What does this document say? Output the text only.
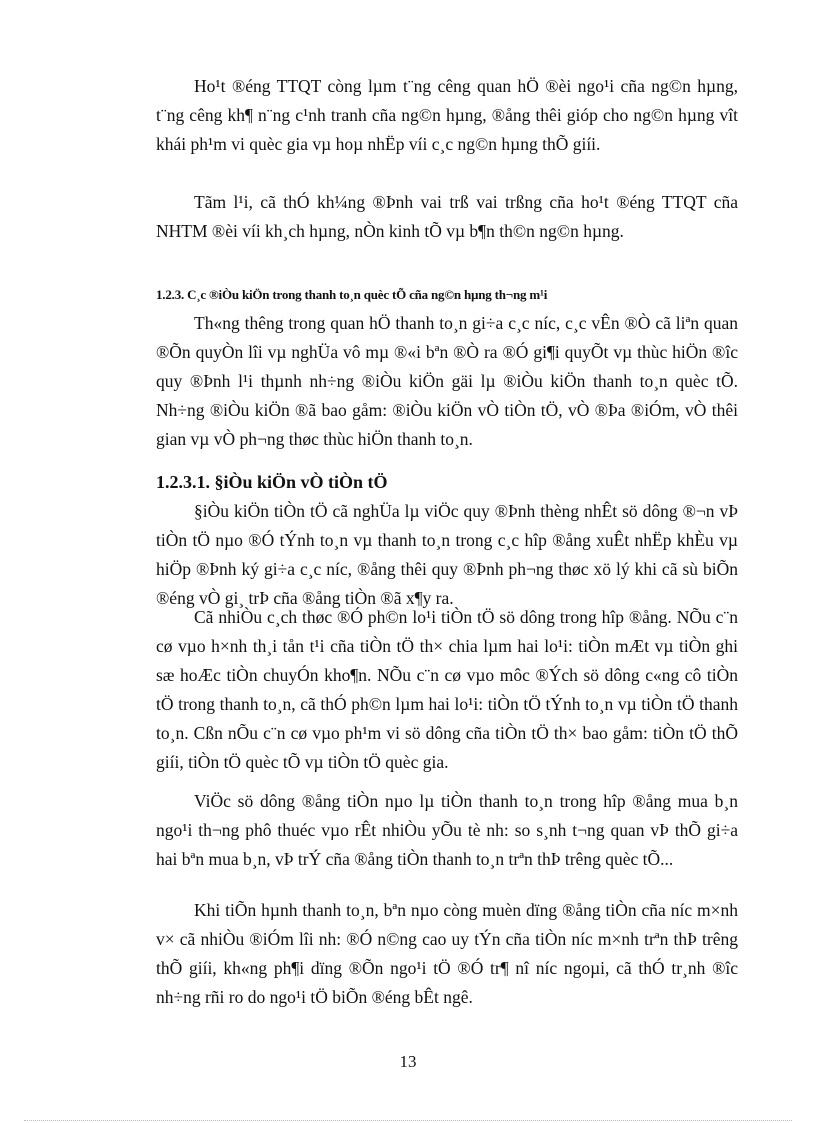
Ho¹t ®éng TTQT còng lµm t¨ng cêng quan hÖ ®èi ngo¹i cña ng©n hµng, t¨ng cêng kh¶ n¨ng c¹nh tranh cña ng©n hµng, ®ång thêi gióp cho ng©n hµng vît khái ph¹m vi quèc gia vµ hoµ nhËp víi c¸c ng©n hµng thÕ giíi.

Tãm l¹i, cã thÓ kh¼ng ®Þnh vai trß vai trßng cña ho¹t ®éng TTQT cña NHTM ®èi víi kh¸ch hµng, nÒn kinh tÕ vµ b¶n th©n ng©n hµng.

1.2.3. C¸c ®iÒu kiÖn trong thanh to¸n quèc tÕ cña ng©n hµng th¬ng m¹i

Th«ng thêng trong quan hÖ thanh to¸n gi÷a c¸c níc, c¸c vÊn ®Ò cã liªn quan ®Õn quyÒn lîi vµ nghÜa vô mµ ®«i bªn ®Ò ra ®Ó gi¶i quyÕt vµ thùc hiÖn ®îc quy ®Þnh l¹i thµnh nh÷ng ®iÒu kiÖn gäi lµ ®iÒu kiÖn thanh to¸n quèc tÕ. Nh÷ng ®iÒu kiÖn ®ã bao gåm: ®iÒu kiÖn vÒ tiÒn tÖ, vÒ ®Þa ®iÓm, vÒ thêi gian vµ vÒ ph¬ng thøc thùc hiÖn thanh to¸n.

1.2.3.1. §iÒu kiÖn vÒ tiÒn tÖ

§iÒu kiÖn tiÒn tÖ cã nghÜa lµ viÖc quy ®Þnh thèng nhÊt sö dông ®¬n vÞ tiÒn tÖ nµo ®Ó tÝnh to¸n vµ thanh to¸n trong c¸c hîp ®ång xuÊt nhËp khÈu vµ hiÖp ®Þnh ký gi÷a c¸c níc, ®ång thêi quy ®Þnh ph¬ng thøc xö lý khi cã sù biÕn ®éng vÒ gi¸ trÞ cña ®ång tiÒn ®ã x¶y ra.

Cã nhiÒu c¸ch thøc ®Ó ph©n lo¹i tiÒn tÖ sö dông trong hîp ®ång. NÕu c¨n cø vµo h×nh th¸i tån t¹i cña tiÒn tÖ th× chia lµm hai lo¹i: tiÒn mÆt vµ tiÒn ghi sæ hoÆc tiÒn chuyÓn kho¶n. NÕu c¨n cø vµo môc ®Ých sö dông c«ng cô tiÒn tÖ trong thanh to¸n, cã thÓ ph©n lµm hai lo¹i: tiÒn tÖ tÝnh to¸n vµ tiÒn tÖ thanh to¸n. Cßn nÕu c¨n cø vµo ph¹m vi sö dông cña tiÒn tÖ th× bao gåm: tiÒn tÖ thÕ giíi, tiÒn tÖ quèc tÕ vµ tiÒn tÖ quèc gia.

ViÖc sö dông ®ång tiÒn nµo lµ tiÒn thanh to¸n trong hîp ®ång mua b¸n ngo¹i th¬ng phô thuéc vµo rÊt nhiÒu yÕu tè nh: so s¸nh t¬ng quan vÞ thÕ gi÷a hai bªn mua b¸n, vÞ trÝ cña ®ång tiÒn thanh to¸n trªn thÞ trêng quèc tÕ...

Khi tiÕn hµnh thanh to¸n, bªn nµo còng muèn dïng ®ång tiÒn cña níc m×nh v× cã nhiÒu ®iÓm lîi nh: ®Ó n©ng cao uy tÝn cña tiÒn níc m×nh trªn thÞ trêng thÕ giíi, kh«ng ph¶i dïng ®Õn ngo¹i tÖ ®Ó tr¶ nî níc ngoµi, cã thÓ tr¸nh ®îc nh÷ng rñi ro do ngo¹i tÖ biÕn ®éng bÊt ngê.

13
